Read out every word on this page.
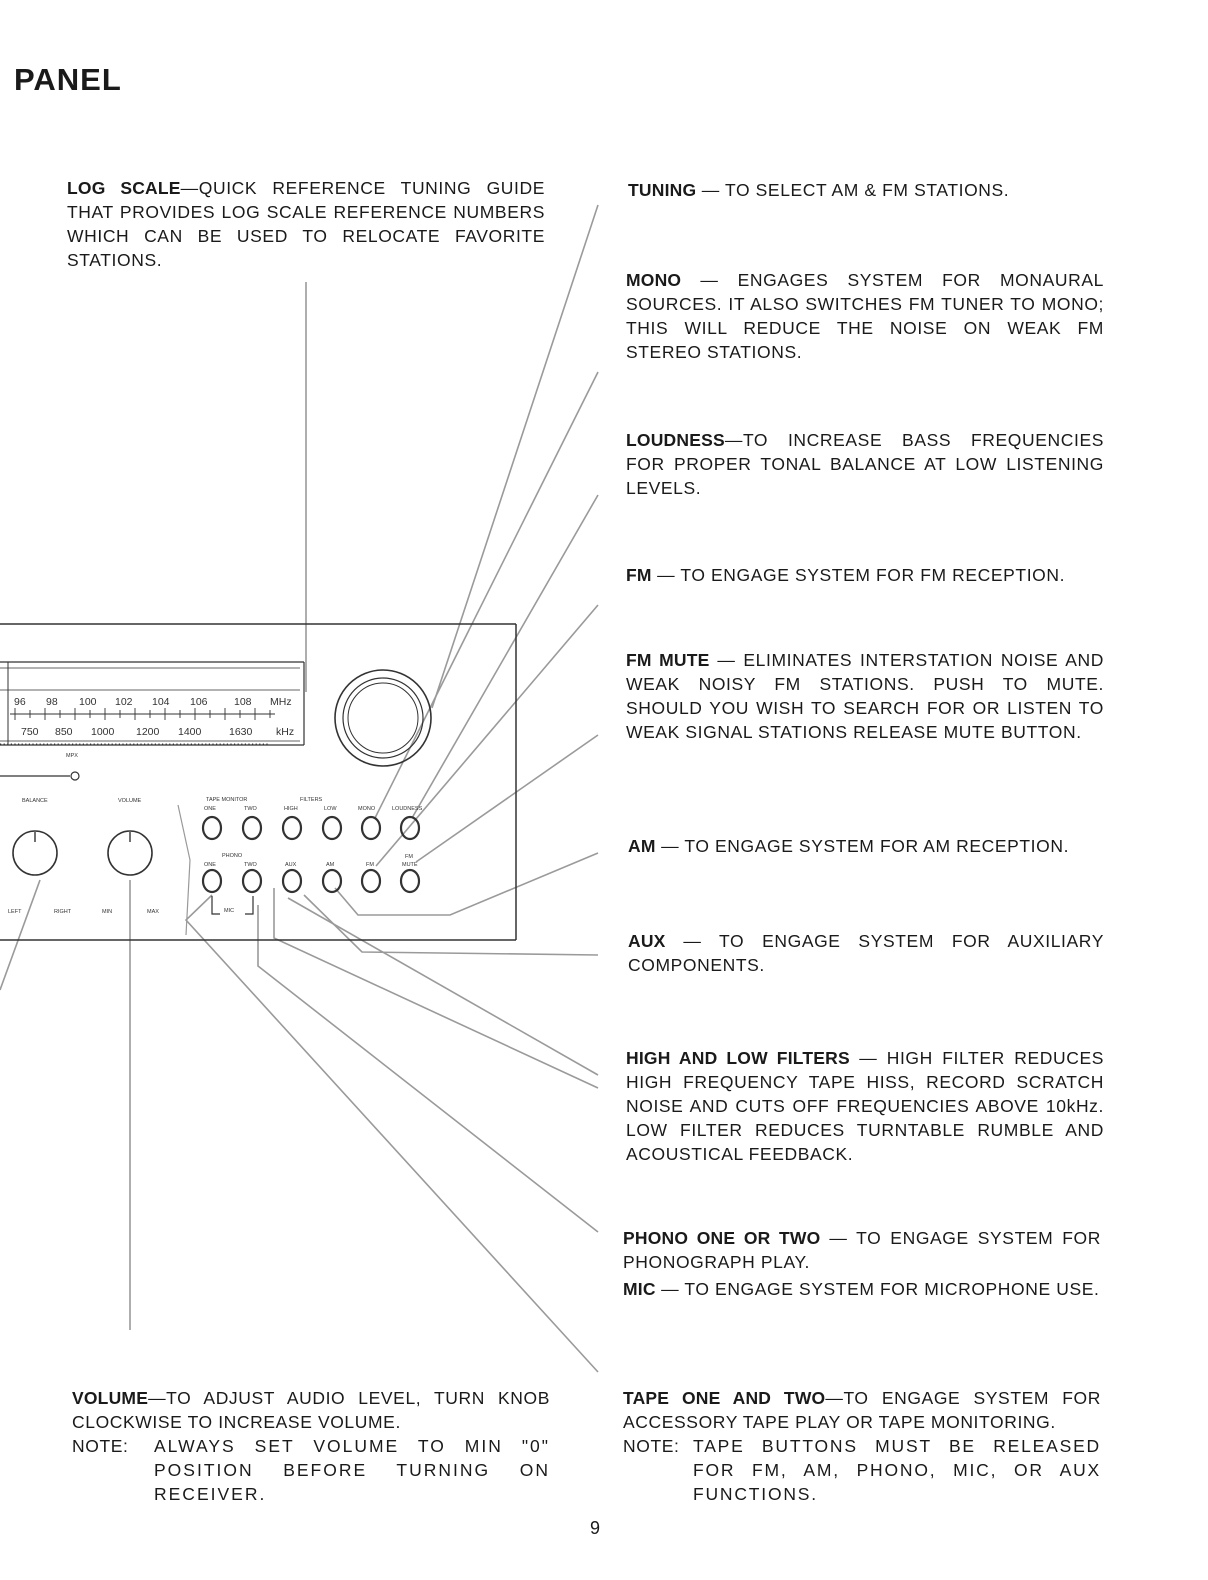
PANEL
96 98 100 102 104 106	108 MHz
750 850 1000 1200 1400	1630 kHz
MPX
BALANCE
LEFT	RIGHT
VOLUME
MIN	MAX
TAPE MONITOR
ONE	TWO
FILTERS
HIGH	LOW	MONO	LOUDNESS
PHONO
ONE	TWO	AUX	AM	FM
FM
MUTE
MIC
LOG SCALE—QUICK REFERENCE TUNING GUIDE THAT PROVIDES LOG SCALE REFERENCE NUMBERS WHICH CAN BE USED TO RELOCATE FAVORITE STATIONS.
TUNING — TO SELECT AM & FM STATIONS.
MONO — ENGAGES SYSTEM FOR MONAURAL SOURCES. IT ALSO SWITCHES FM TUNER TO MONO; THIS WILL REDUCE THE NOISE ON WEAK FM STEREO STATIONS.
LOUDNESS—TO INCREASE BASS FREQUENCIES FOR PROPER TONAL BALANCE AT LOW LISTENING LEVELS.
FM — TO ENGAGE SYSTEM FOR FM RECEPTION.
FM MUTE — ELIMINATES INTERSTATION NOISE AND WEAK NOISY FM STATIONS. PUSH TO MUTE. SHOULD YOU WISH TO SEARCH FOR OR LISTEN TO WEAK SIGNAL STATIONS RELEASE MUTE BUTTON.
AM — TO ENGAGE SYSTEM FOR AM RECEPTION.
AUX — TO ENGAGE SYSTEM FOR AUXILIARY COMPONENTS.
HIGH AND LOW FILTERS — HIGH FILTER REDUCES HIGH FREQUENCY TAPE HISS, RECORD SCRATCH NOISE AND CUTS OFF FREQUENCIES ABOVE 10kHz. LOW FILTER REDUCES TURNTABLE RUMBLE AND ACOUSTICAL FEEDBACK.
PHONO ONE OR TWO — TO ENGAGE SYSTEM FOR PHONOGRAPH PLAY.
MIC — TO ENGAGE SYSTEM FOR MICROPHONE USE.
TAPE ONE AND TWO—TO ENGAGE SYSTEM FOR ACCESSORY TAPE PLAY OR TAPE MONITORING.
NOTE: TAPE BUTTONS MUST BE RELEASED FOR FM, AM, PHONO, MIC, OR AUX FUNCTIONS.
VOLUME—TO ADJUST AUDIO LEVEL, TURN KNOB CLOCKWISE TO INCREASE VOLUME.
NOTE:	ALWAYS SET VOLUME TO MIN "0" POSITION BEFORE TURNING ON RECEIVER.
9
